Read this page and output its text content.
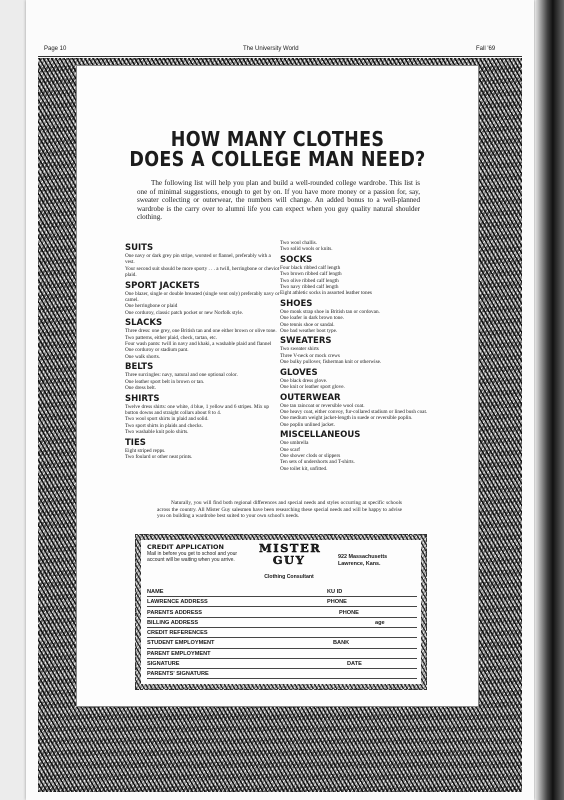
Page 10	The University World	Fall '69
HOW MANY CLOTHES
DOES A COLLEGE MAN NEED?
The following list will help you plan and build a well-rounded college wardrobe. This list is one of minimal suggestions, enough to get by on. If you have more money or a passion for, say, sweater collecting or outerwear, the numbers will change. An added bonus to a well-planned wardrobe is the carry over to alumni life you can expect when you guy quality natural shoulder clothing.
SUITS
One navy or dark grey pin stripe, worsted or flannel, preferably with a vest.
Your second suit should be more sporty . . . a twill, herringbone or cheviot plaid.
SPORT JACKETS
One blazer, single or double breasted (single vent only) preferably navy or camel.
One herringbone or plaid
One corduroy, classic patch pocket or new Norfolk style.
SLACKS
Three dress: one grey, one British tan and one either brown or olive tone.
Two patterns, either plaid, check, tartan, etc.
Four wash pants: twill in navy and khaki, a washable plaid and flannel
One corduroy or stadium pant.
One walk shorts.
BELTS
Three surcingles: navy, natural and one optional color.
One leather sport belt in brown or tan.
One dress belt.
SHIRTS
Twelve dress shirts: one white, 4 blue, 1 yellow and 6 stripes. Mix up button downs and straight collars about 8 to 4.
Two wool sport shirts in plaid and solid.
Two sport shirts in plaids and checks.
Two washable knit polo shirts.
TIES
Eight striped repps.
Two foulard or other neat prints.
Two wool challis.
Two solid wools or knits.
SOCKS
Four black ribbed calf length
Two brown ribbed calf length
Two olive ribbed calf length
Two navy ribbed calf length
Eight athletic socks in assorted leather tones
SHOES
One monk strap shoe in British tan or cordovan.
One loafer in dark brown tone.
One tennis shoe or sandal.
One bad weather boot type.
SWEATERS
Two sweater shirts
Three V-neck or mock crews
One bulky pullover, fisherman knit or otherwise.
GLOVES
One black dress glove.
One knit or leather sport glove.
OUTERWEAR
One tan raincoat or reversible wool coat.
One heavy coat, either convoy, fur-collared stadium or lined bush coat.
One medium weight jacket-length in suede or reversible poplin.
One poplin unlined jacket.
MISCELLANEOUS
One umbrella
One scarf
One shower clods or slippers
Ten sets of undershorts and T-shirts.
One toilet kit, unfitted.
Naturally, you will find both regional differences and special needs and styles occurring at specific schools across the country. All Mister Guy salesmen have been researching these special needs and will be happy to advise you on building a wardrobe best suited to your own school's needs.
CREDIT APPLICATION
Mail in before you get to school and your account will be waiting when you arrive.
MISTER
GUY
Clothing Consultant
922 Massachusetts
Lawrence, Kans.
NAME	KU ID
LAWRENCE ADDRESS	PHONE
PARENTS ADDRESS	PHONE
BILLING ADDRESS	age
CREDIT REFERENCES
STUDENT EMPLOYMENT	BANK
PARENT EMPLOYMENT
SIGNATURE	DATE
PARENTS' SIGNATURE
